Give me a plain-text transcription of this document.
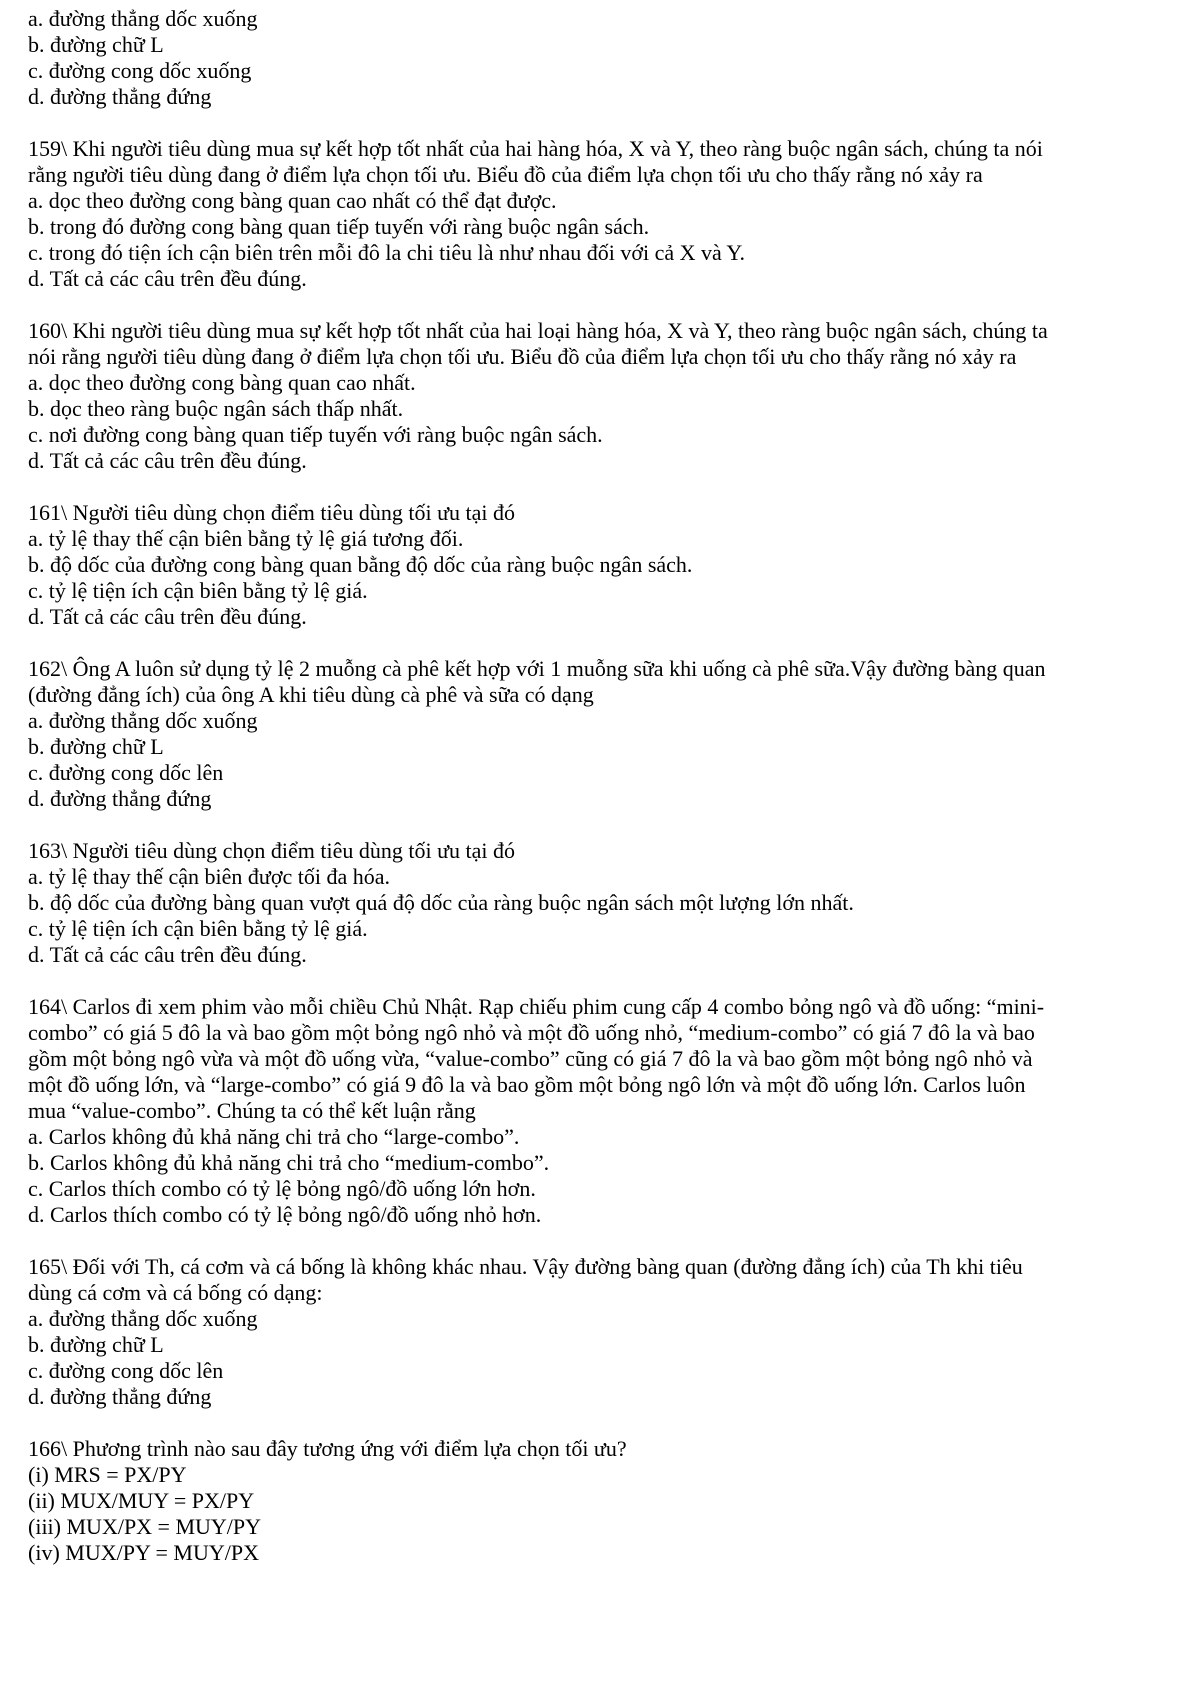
a. đường thẳng dốc xuống
b. đường chữ L
c. đường cong dốc xuống
d. đường thẳng đứng
159\ Khi người tiêu dùng mua sự kết hợp tốt nhất của hai hàng hóa, X và Y, theo ràng buộc ngân sách, chúng ta nói
rằng người tiêu dùng đang ở điểm lựa chọn tối ưu. Biểu đồ của điểm lựa chọn tối ưu cho thấy rằng nó xảy ra
a. dọc theo đường cong bàng quan cao nhất có thể đạt được.
b. trong đó đường cong bàng quan tiếp tuyến với ràng buộc ngân sách.
c. trong đó tiện ích cận biên trên mỗi đô la chi tiêu là như nhau đối với cả X và Y.
d. Tất cả các câu trên đều đúng.
160\ Khi người tiêu dùng mua sự kết hợp tốt nhất của hai loại hàng hóa, X và Y, theo ràng buộc ngân sách, chúng ta
nói rằng người tiêu dùng đang ở điểm lựa chọn tối ưu. Biểu đồ của điểm lựa chọn tối ưu cho thấy rằng nó xảy ra
a. dọc theo đường cong bàng quan cao nhất.
b. dọc theo ràng buộc ngân sách thấp nhất.
c. nơi đường cong bàng quan tiếp tuyến với ràng buộc ngân sách.
d. Tất cả các câu trên đều đúng.
161\ Người tiêu dùng chọn điểm tiêu dùng tối ưu tại đó
a. tỷ lệ thay thế cận biên bằng tỷ lệ giá tương đối.
b. độ dốc của đường cong bàng quan bằng độ dốc của ràng buộc ngân sách.
c. tỷ lệ tiện ích cận biên bằng tỷ lệ giá.
d. Tất cả các câu trên đều đúng.
162\ Ông A luôn sử dụng tỷ lệ 2 muỗng cà phê kết hợp với 1 muỗng sữa khi uống cà phê sữa.Vậy đường bàng quan
(đường đẳng ích) của ông A khi tiêu dùng cà phê và sữa có dạng
a. đường thẳng dốc xuống
b. đường chữ L
c. đường cong dốc lên
d. đường thẳng đứng
163\ Người tiêu dùng chọn điểm tiêu dùng tối ưu tại đó
a. tỷ lệ thay thế cận biên được tối đa hóa.
b. độ dốc của đường bàng quan vượt quá độ dốc của ràng buộc ngân sách một lượng lớn nhất.
c. tỷ lệ tiện ích cận biên bằng tỷ lệ giá.
d. Tất cả các câu trên đều đúng.
164\ Carlos đi xem phim vào mỗi chiều Chủ Nhật. Rạp chiếu phim cung cấp 4 combo bỏng ngô và đồ uống: “mini-
combo” có giá 5 đô la và bao gồm một bỏng ngô nhỏ và một đồ uống nhỏ, “medium-combo” có giá 7 đô la và bao
gồm một bỏng ngô vừa và một đồ uống vừa, “value-combo” cũng có giá 7 đô la và bao gồm một bỏng ngô nhỏ và
một đồ uống lớn, và “large-combo” có giá 9 đô la và bao gồm một bỏng ngô lớn và một đồ uống lớn. Carlos luôn
mua “value-combo”. Chúng ta có thể kết luận rằng
a. Carlos không đủ khả năng chi trả cho “large-combo”.
b. Carlos không đủ khả năng chi trả cho “medium-combo”.
c. Carlos thích combo có tỷ lệ bỏng ngô/đồ uống lớn hơn.
d. Carlos thích combo có tỷ lệ bỏng ngô/đồ uống nhỏ hơn.
165\ Đối với Th, cá cơm và cá bống là không khác nhau. Vậy đường bàng quan (đường đẳng ích) của Th khi tiêu
dùng cá cơm và cá bống có dạng:
a. đường thẳng dốc xuống
b. đường chữ L
c. đường cong dốc lên
d. đường thẳng đứng
166\ Phương trình nào sau đây tương ứng với điểm lựa chọn tối ưu?
(i) MRS = PX/PY
(ii) MUX/MUY = PX/PY
(iii) MUX/PX = MUY/PY
(iv) MUX/PY = MUY/PX
